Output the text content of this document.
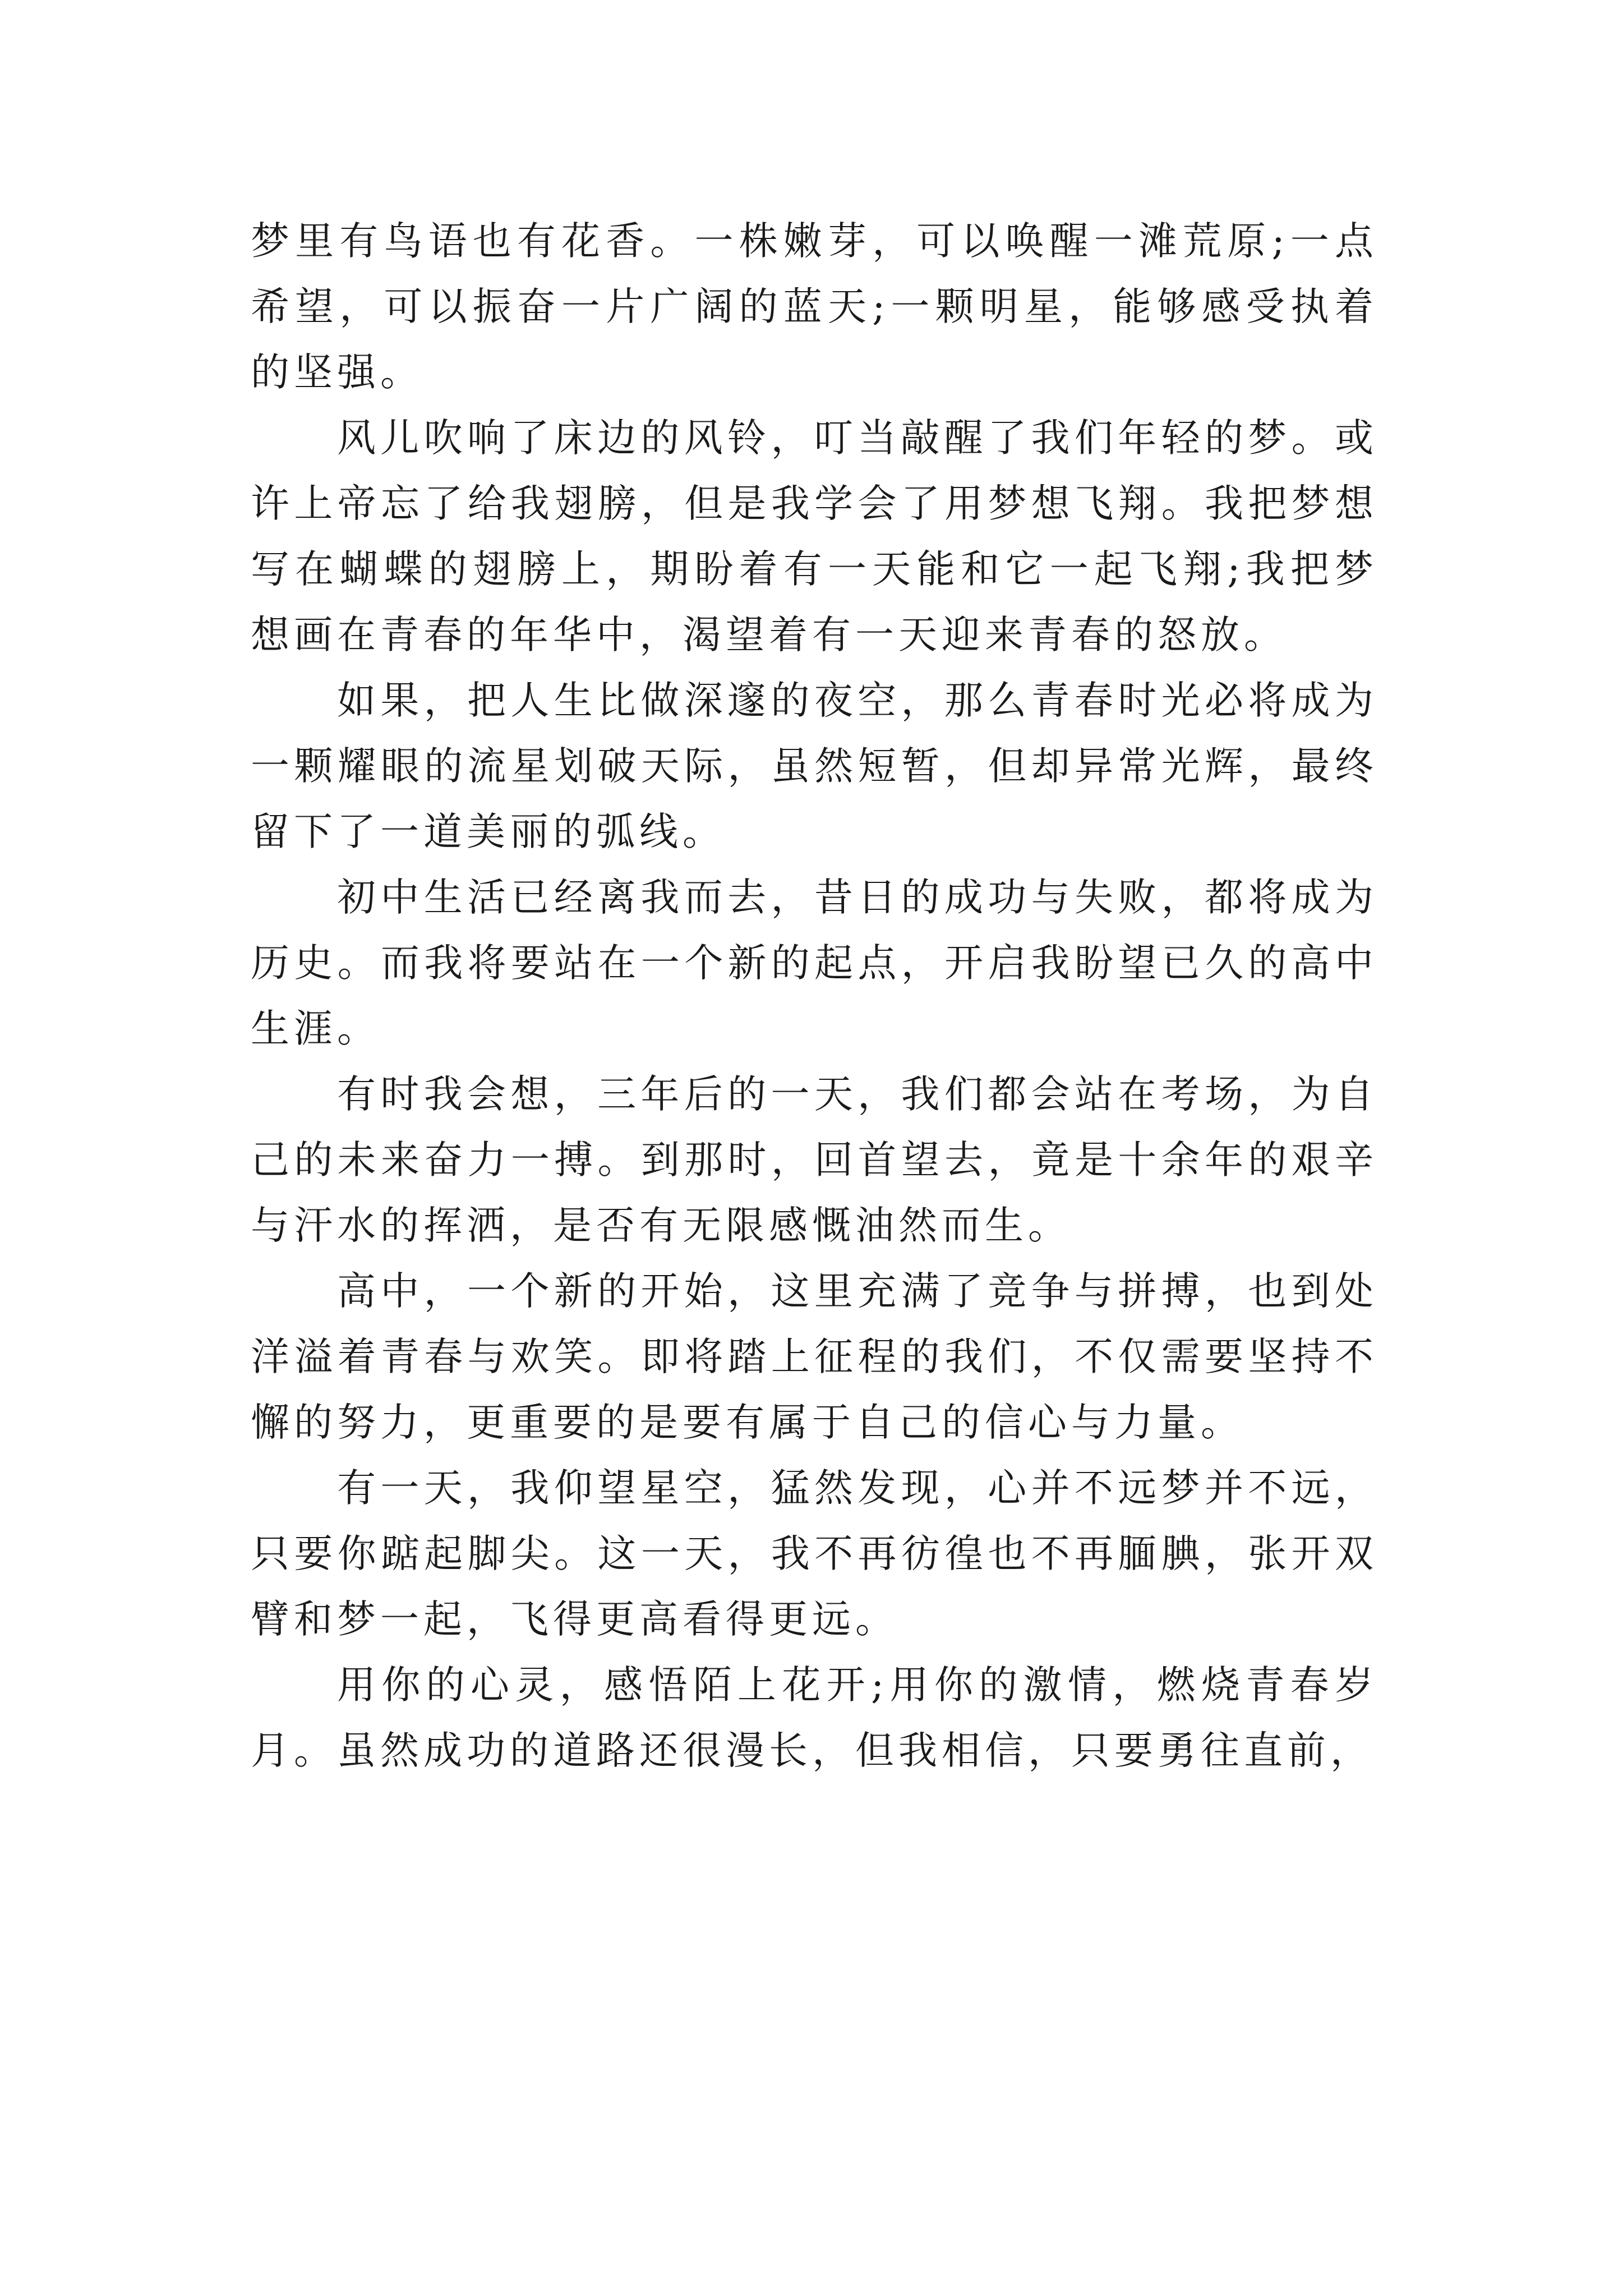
梦里有鸟语也有花香。一株嫩芽，可以唤醒一滩荒原;一点希望，可以振奋一片广阔的蓝天;一颗明星，能够感受执着的坚强。

风儿吹响了床边的风铃，叮当敲醒了我们年轻的梦。或许上帝忘了给我翅膀，但是我学会了用梦想飞翔。我把梦想写在蝴蝶的翅膀上，期盼着有一天能和它一起飞翔;我把梦想画在青春的年华中，渴望着有一天迎来青春的怒放。

如果，把人生比做深邃的夜空，那么青春时光必将成为一颗耀眼的流星划破天际，虽然短暂，但却异常光辉，最终留下了一道美丽的弧线。

初中生活已经离我而去，昔日的成功与失败，都将成为历史。而我将要站在一个新的起点，开启我盼望已久的高中生涯。

有时我会想，三年后的一天，我们都会站在考场，为自己的未来奋力一搏。到那时，回首望去，竟是十余年的艰辛与汗水的挥洒，是否有无限感慨油然而生。

高中，一个新的开始，这里充满了竞争与拼搏，也到处洋溢着青春与欢笑。即将踏上征程的我们，不仅需要坚持不懈的努力，更重要的是要有属于自己的信心与力量。

有一天，我仰望星空，猛然发现，心并不远梦并不远，只要你踮起脚尖。这一天，我不再彷徨也不再腼腆，张开双臂和梦一起，飞得更高看得更远。

用你的心灵，感悟陌上花开;用你的激情，燃烧青春岁月。虽然成功的道路还很漫长，但我相信，只要勇往直前，
